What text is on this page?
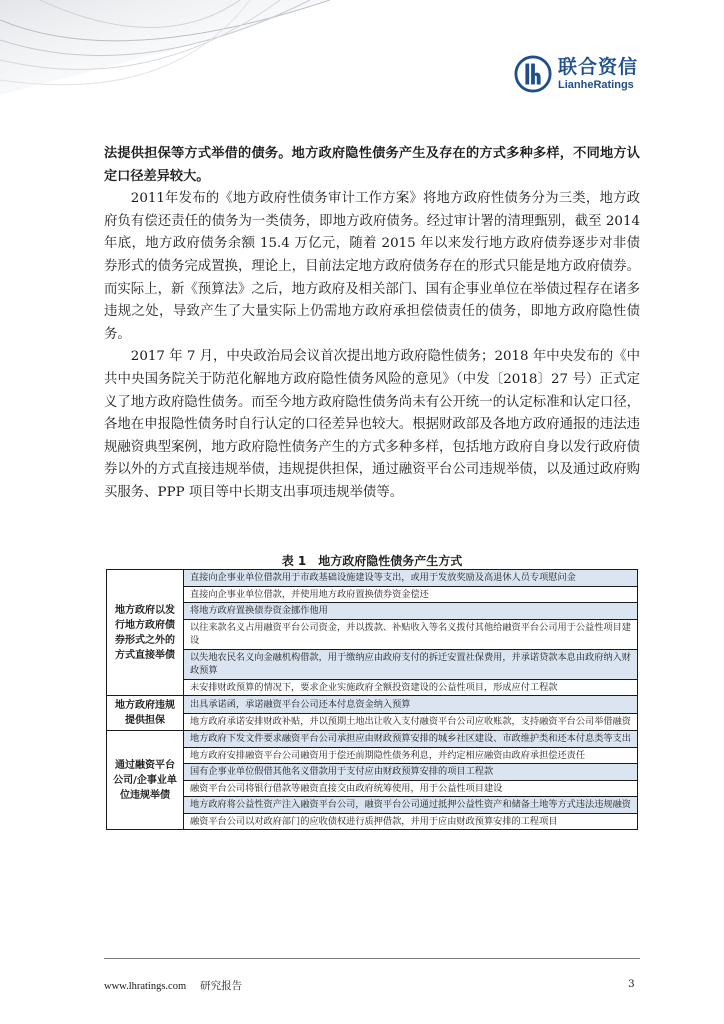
联合资信
LianheRatings

法提供担保等方式举借的债务。地方政府隐性债务产生及存在的方式多种多样，不同地方认定口径差异较大。

2011年发布的《地方政府性债务审计工作方案》将地方政府性债务分为三类，地方政府负有偿还责任的债务为一类债务，即地方政府债务。经过审计署的清理甄别，截至 2014 年底，地方政府债务余额 15.4 万亿元，随着 2015 年以来发行地方政府债券逐步对非债券形式的债务完成置换，理论上，目前法定地方政府债务存在的形式只能是地方政府债券。而实际上，新《预算法》之后，地方政府及相关部门、国有企事业单位在举债过程存在诸多违规之处，导致产生了大量实际上仍需地方政府承担偿债责任的债务，即地方政府隐性债务。

2017 年 7 月，中央政治局会议首次提出地方政府隐性债务；2018 年中央发布的《中共中央国务院关于防范化解地方政府隐性债务风险的意见》（中发〔2018〕27 号）正式定义了地方政府隐性债务。而至今地方政府隐性债务尚未有公开统一的认定标准和认定口径，各地在申报隐性债务时自行认定的口径差异也较大。根据财政部及各地方政府通报的违法违规融资典型案例，地方政府隐性债务产生的方式多种多样，包括地方政府自身以发行政府债券以外的方式直接违规举债，违规提供担保，通过融资平台公司违规举债，以及通过政府购买服务、PPP 项目等中长期支出事项违规举债等。

表 1　地方政府隐性债务产生方式
地方政府以发行地方政府债券形式之外的方式直接举债	直接向企事业单位借款用于市政基础设施建设等支出，或用于发放奖励及高退休人员专项慰问金
	直接向企事业单位借款，并使用地方政府置换债券资金偿还
	将地方政府置换债券资金挪作他用
	以往来款名义占用融资平台公司资金，并以拨款、补贴收入等名义拨付其他给融资平台公司用于公益性项目建设
	以失地农民名义向金融机构借款，用于缴纳应由政府支付的拆迁安置社保费用，并承诺贷款本息由政府纳入财政预算
	未安排财政预算的情况下，要求企业实施政府全额投资建设的公益性项目，形成应付工程款
地方政府违规提供担保	出具承诺函，承诺融资平台公司还本付息资金纳入预算
	地方政府承诺安排财政补贴，并以预期土地出让收入支付融资平台公司应收账款，支持融资平台公司举借融资
通过融资平台公司/企事业单位违规举债	地方政府下发文件要求融资平台公司承担应由财政预算安排的城乡社区建设、市政维护类和还本付息类等支出
	地方政府安排融资平台公司融资用于偿还前期隐性债务利息，并约定相应融资由政府承担偿还责任
	国有企事业单位假借其他名义借款用于支付应由财政预算安排的项目工程款
	融资平台公司将银行借款等融资直接交由政府统筹使用，用于公益性项目建设
	地方政府将公益性资产注入融资平台公司，融资平台公司通过抵押公益性资产和储备土地等方式违法违规融资
	融资平台公司以对政府部门的应收债权进行质押借款，并用于应由财政预算安排的工程项目
www.lhratings.com 研究报告	3
